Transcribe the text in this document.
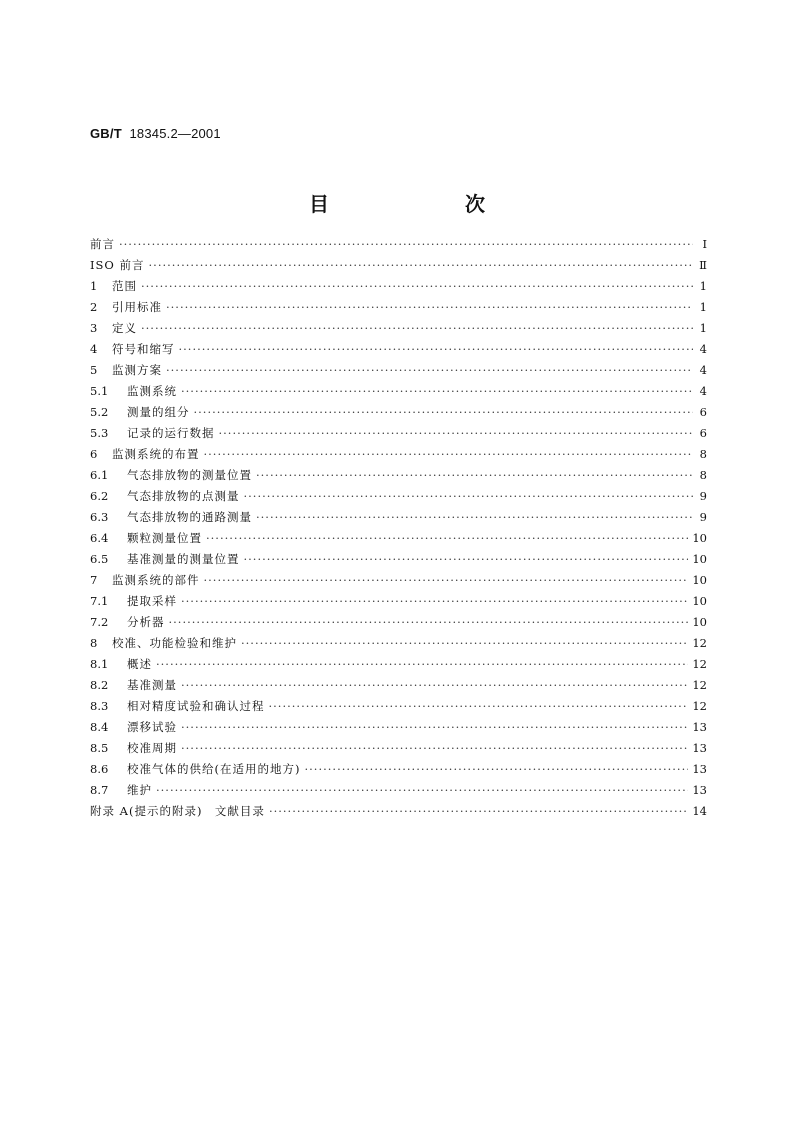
GB/T 18345.2—2001
目　次
前言 ·····	Ⅰ
ISO 前言 ·····	Ⅱ
1	范围 ·····	1
2	引用标准 ·····	1
3	定义 ·····	1
4	符号和缩写 ·····	4
5	监测方案 ·····	4
5.1	监测系统 ·····	4
5.2	测量的组分 ·····	6
5.3	记录的运行数据 ·····	6
6	监测系统的布置 ·····	8
6.1	气态排放物的测量位置 ·····	8
6.2	气态排放物的点测量 ·····	9
6.3	气态排放物的通路测量 ·····	9
6.4	颗粒测量位置 ·····	10
6.5	基准测量的测量位置 ·····	10
7	监测系统的部件 ·····	10
7.1	提取采样 ·····	10
7.2	分析器 ·····	10
8	校准、功能检验和维护 ·····	12
8.1	概述 ·····	12
8.2	基准测量 ·····	12
8.3	相对精度试验和确认过程 ·····	12
8.4	漂移试验 ·····	13
8.5	校准周期 ·····	13
8.6	校准气体的供给(在适用的地方) ·····	13
8.7	维护 ·····	13
附录 A(提示的附录)　文献目录 ·····	14
